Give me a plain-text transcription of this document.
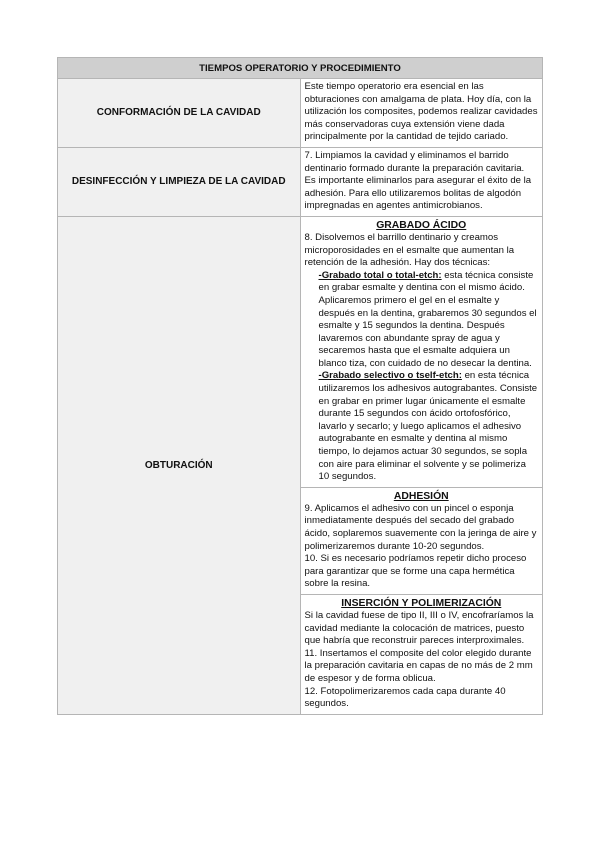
TIEMPOS OPERATORIO Y PROCEDIMIENTO	
CONFORMACIÓN DE LA CAVIDAD	Este tiempo operatorio era esencial en las obturaciones con amalgama de plata. Hoy día, con la utilización los composites, podemos realizar cavidades más conservadoras cuya extensión viene dada principalmente por la cantidad de tejido cariado.
DESINFECCIÓN Y LIMPIEZA DE LA CAVIDAD	7. Limpiamos la cavidad y eliminamos el barrido dentinario formado durante la preparación cavitaria. Es importante eliminarlos para asegurar el éxito de la adhesión. Para ello utilizaremos bolitas de algodón impregnadas en agentes antimicrobianos.
OBTURACIÓN	GRABADO ÁCIDO

8. Disolvemos el barrillo dentinario y creamos microporosidades en el esmalte que aumentan la retención de la adhesión. Hay dos técnicas:

-Grabado total o total-etch: esta técnica consiste en grabar esmalte y dentina con el mismo ácido. Aplicaremos primero el gel en el esmalte y después en la dentina, grabaremos 30 segundos el esmalte y 15 segundos la dentina. Después lavaremos con abundante spray de agua y secaremos hasta que el esmalte adquiera un blanco tiza, con cuidado de no desecar la dentina.

-Grabado selectivo o tself-etch: en esta técnica utilizaremos los adhesivos autograbantes. Consiste en grabar en primer lugar únicamente el esmalte durante 15 segundos con ácido ortofosfórico, lavarlo y secarlo; y luego aplicamos el adhesivo autograbante en esmalte y dentina al mismo tiempo, lo dejamos actuar 30 segundos, se sopla con aire para eliminar el solvente y se polimeriza 10 segundos.

	ADHESIÓN

9. Aplicamos el adhesivo con un pincel o esponja inmediatamente después del secado del grabado ácido, soplaremos suavemente con la jeringa de aire y polimerizaremos durante 10-20 segundos.

10. Si es necesario podríamos repetir dicho proceso para garantizar que se forme una capa hermética sobre la resina.

	INSERCIÓN Y POLIMERIZACIÓN

Si la cavidad fuese de tipo II, III o IV, encofraríamos la cavidad mediante la colocación de matrices, puesto que habría que reconstruir pareces interproximales.

11. Insertamos el composite del color elegido durante la preparación cavitaria en capas de no más de 2 mm de espesor y de forma oblicua.

12. Fotopolimerizaremos cada capa durante 40 segundos.
